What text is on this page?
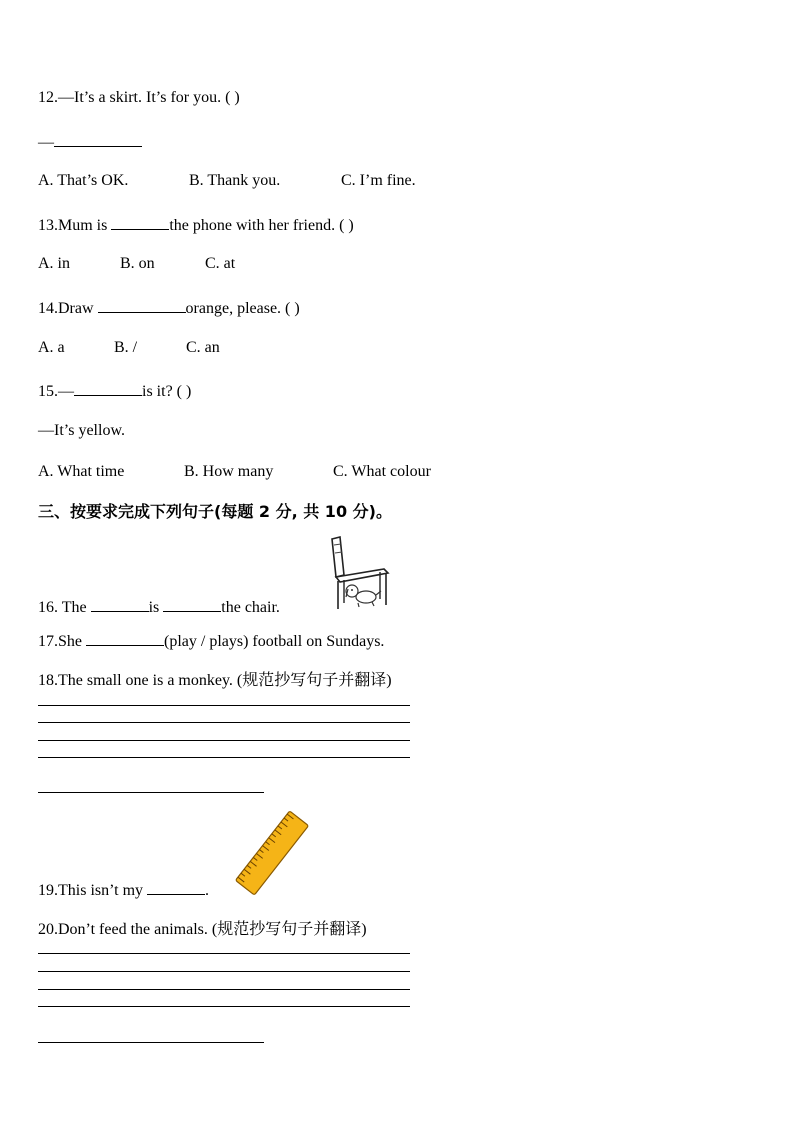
12.—It’s a skirt. It’s for you. ( )
—
A. That’s OK.	B. Thank you.	C. I’m fine.
13.Mum is	the phone with her friend. ( )
A. in	B. on	C. at
14.Draw	orange, please. ( )
A. a	B. /	C. an
15.—	is it? ( )
—It’s yellow.
A. What time	B. How many	C. What colour
三、按要求完成下列句子(每题 2 分, 共 10 分)。
16. The	is	the chair.
17.She	(play / plays) football on Sundays.
18.The small one is a monkey. (规范抄写句子并翻译)
19.This isn’t my	.
20.Don’t feed the animals. (规范抄写句子并翻译)
